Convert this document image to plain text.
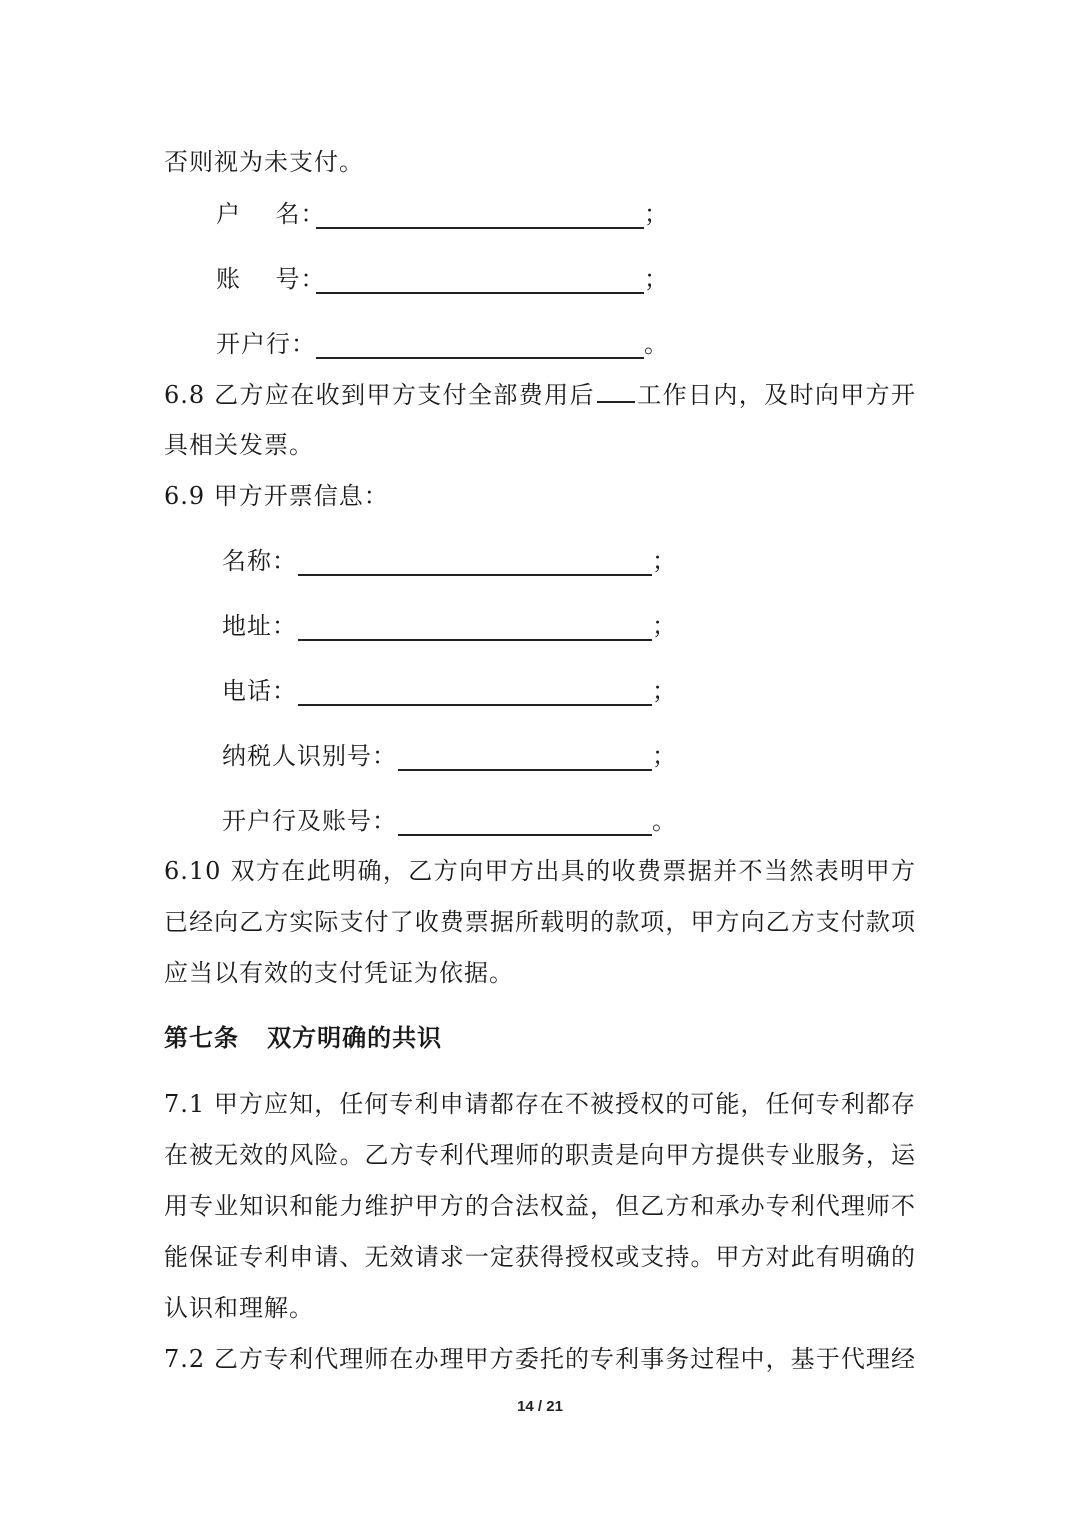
否则视为未支付。
户    名：	；
账    号：	；
开户行：	。
6.8 乙方应在收到甲方支付全部费用后 工作日内，及时向甲方开
具相关发票。
6.9 甲方开票信息：
名称：	；
地址：	；
电话：	；
纳税人识别号：	；
开户行及账号：	。
6.10 双方在此明确，乙方向甲方出具的收费票据并不当然表明甲方
已经向乙方实际支付了收费票据所载明的款项，甲方向乙方支付款项
应当以有效的支付凭证为依据。
第七条   双方明确的共识
7.1 甲方应知，任何专利申请都存在不被授权的可能，任何专利都存
在被无效的风险。乙方专利代理师的职责是向甲方提供专业服务，运
用专业知识和能力维护甲方的合法权益，但乙方和承办专利代理师不
能保证专利申请、无效请求一定获得授权或支持。甲方对此有明确的
认识和理解。
7.2 乙方专利代理师在办理甲方委托的专利事务过程中，基于代理经
14 / 21
